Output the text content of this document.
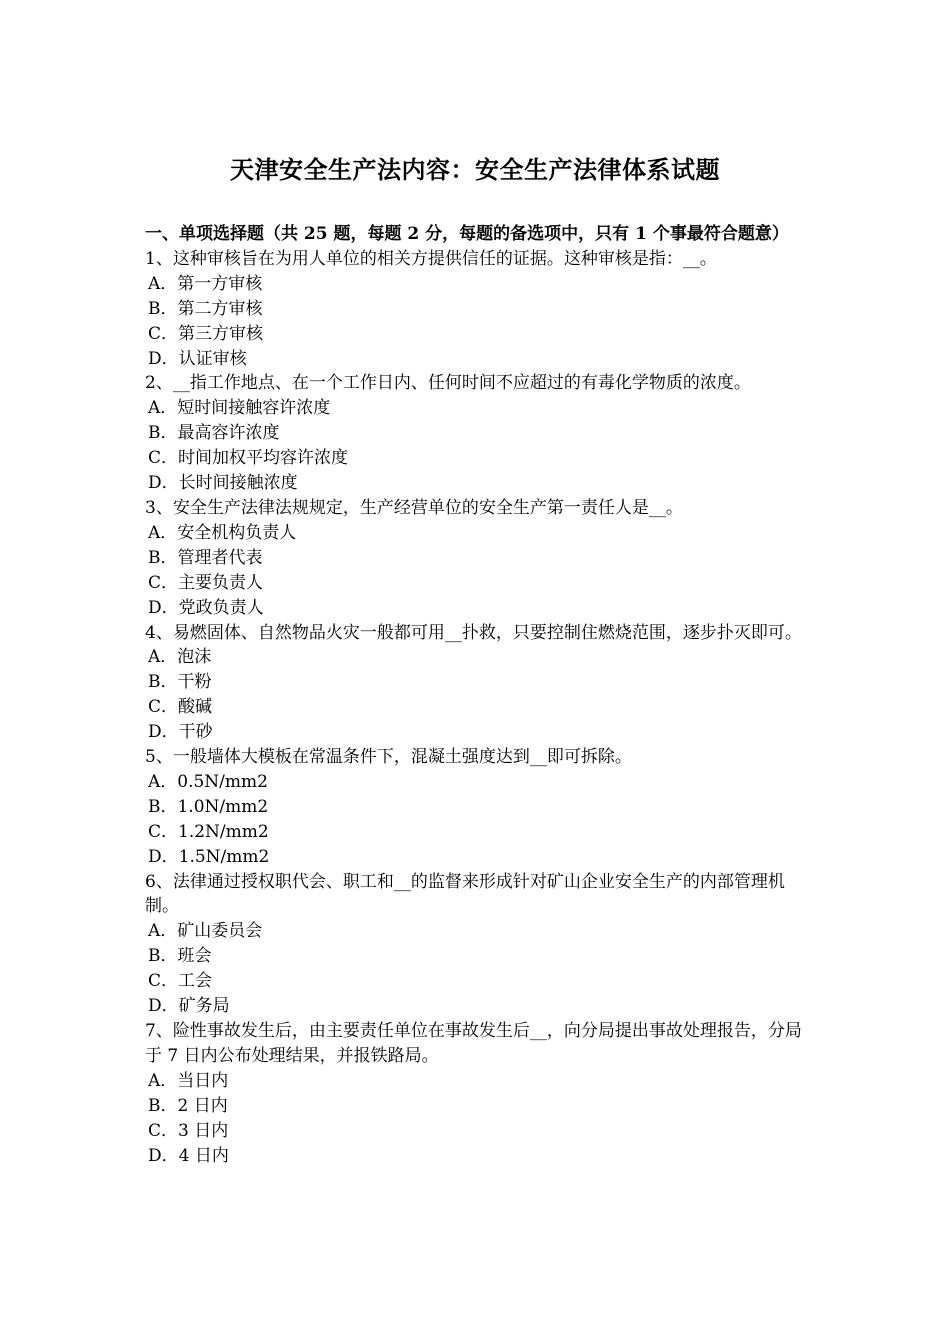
天津安全生产法内容：安全生产法律体系试题

一、单项选择题（共 25 题，每题 2 分，每题的备选项中，只有 1 个事最符合题意）

1、这种审核旨在为用人单位的相关方提供信任的证据。这种审核是指：__。

A．第一方审核

B．第二方审核

C．第三方审核

D．认证审核

2、__指工作地点、在一个工作日内、任何时间不应超过的有毒化学物质的浓度。

A．短时间接触容许浓度

B．最高容许浓度

C．时间加权平均容许浓度

D．长时间接触浓度

3、安全生产法律法规规定，生产经营单位的安全生产第一责任人是__。

A．安全机构负责人

B．管理者代表

C．主要负责人

D．党政负责人

4、易燃固体、自然物品火灾一般都可用__扑救，只要控制住燃烧范围，逐步扑灭即可。

A．泡沫

B．干粉

C．酸碱

D．干砂

5、一般墙体大模板在常温条件下，混凝土强度达到__即可拆除。

A．0.5N/mm2

B．1.0N/mm2

C．1.2N/mm2

D．1.5N/mm2

6、法律通过授权职代会、职工和__的监督来形成针对矿山企业安全生产的内部管理机制。

A．矿山委员会

B．班会

C．工会

D．矿务局

7、险性事故发生后，由主要责任单位在事故发生后__，向分局提出事故处理报告，分局于 7 日内公布处理结果，并报铁路局。

A．当日内

B．2 日内

C．3 日内

D．4 日内
